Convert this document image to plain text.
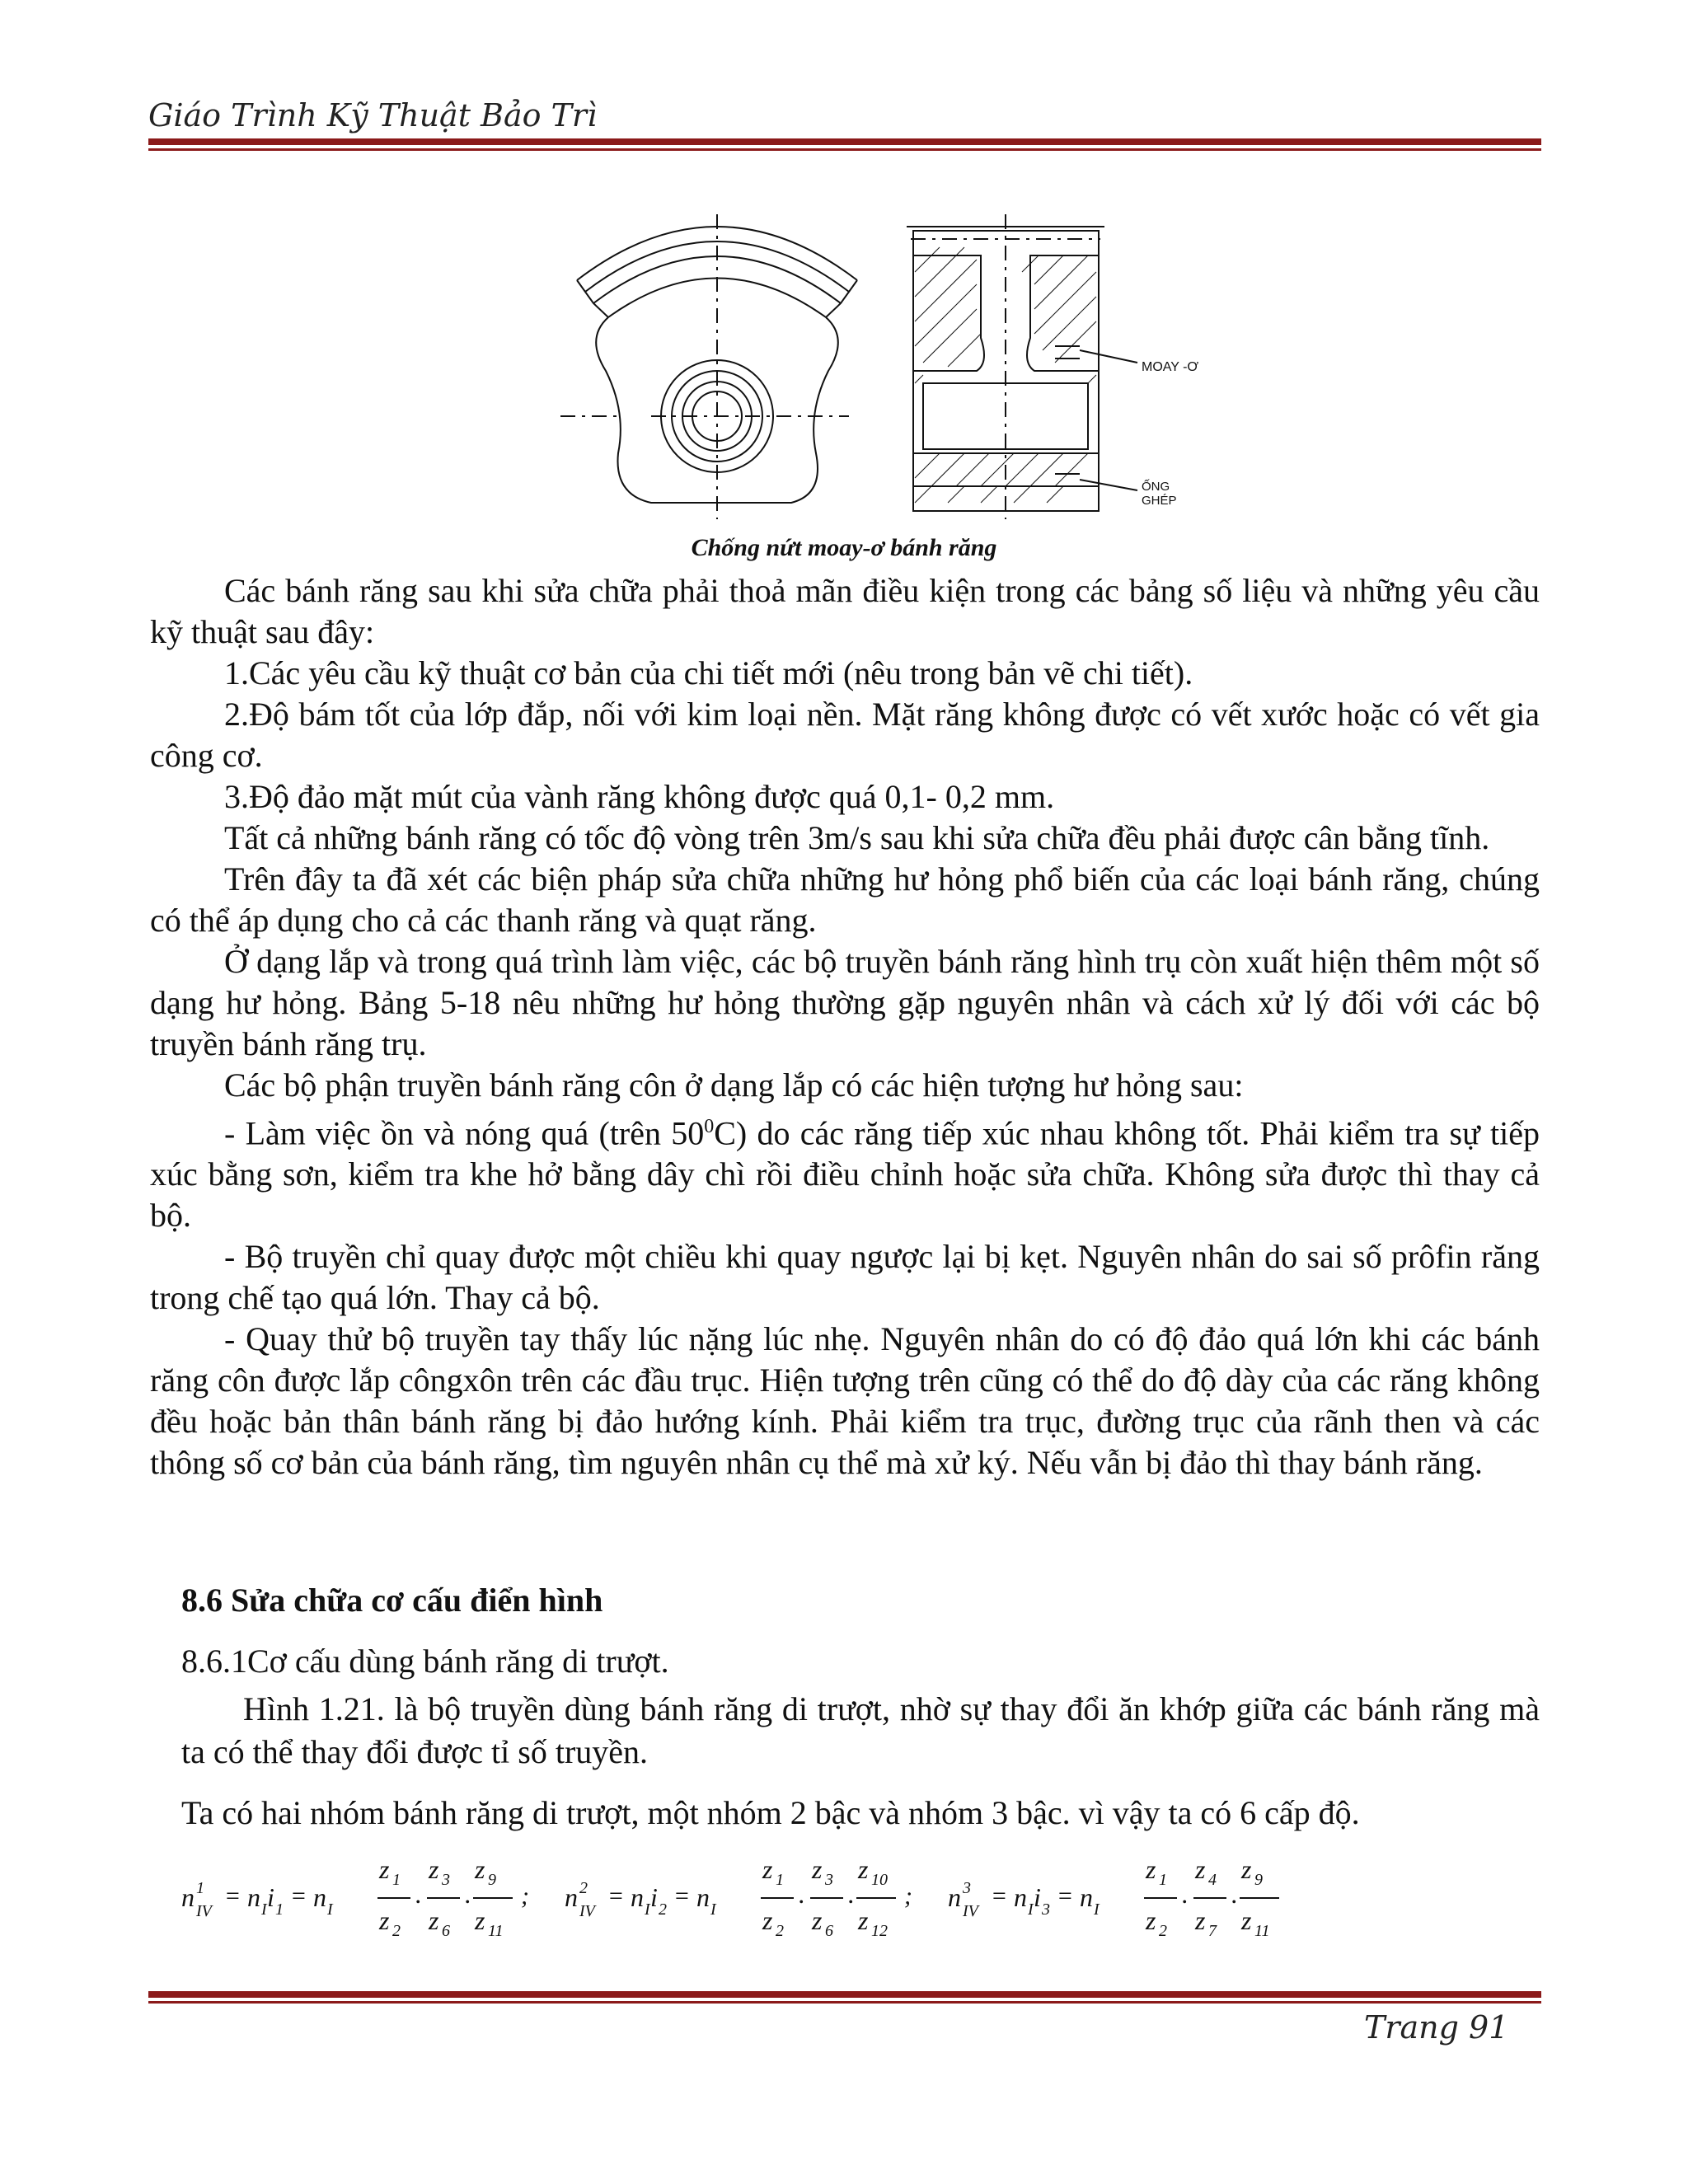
Giáo Trình Kỹ Thuật Bảo Trì
MOAY -Ơ
ỐNG
GHÉP
Chống nứt moay-ơ bánh răng

Các bánh răng sau khi sửa chữa phải thoả mãn điều kiện trong các bảng số liệu và những yêu cầu kỹ thuật sau đây:

1.Các yêu cầu kỹ thuật cơ bản của chi tiết mới (nêu trong bản vẽ chi tiết).

2.Độ bám tốt của lớp đắp, nối với kim loại nền. Mặt răng không được có vết xước hoặc có vết gia công cơ.

3.Độ đảo mặt mút của vành răng không được quá 0,1- 0,2 mm.

Tất cả những bánh răng có tốc độ vòng trên 3m/s sau khi sửa chữa đều phải được cân bằng tĩnh.

Trên đây ta đã xét các biện pháp sửa chữa những hư hỏng phổ biến của các loại bánh răng, chúng có thể áp dụng cho cả các thanh răng và quạt răng.

Ở dạng lắp và trong quá trình làm việc, các bộ truyền bánh răng hình trụ còn xuất hiện thêm một số dạng hư hỏng. Bảng 5-18 nêu những hư hỏng thường gặp nguyên nhân và cách xử lý đối với các bộ truyền bánh răng trụ.

Các bộ phận truyền bánh răng côn ở dạng lắp có các hiện tượng hư hỏng sau:

- Làm việc ồn và nóng quá (trên $50^0C$) do các răng tiếp xúc nhau không tốt. Phải kiểm tra sự tiếp xúc bằng sơn, kiểm tra khe hở bằng dây chì rồi điều chỉnh hoặc sửa chữa. Không sửa được thì thay cả bộ.

- Bộ truyền chỉ quay được một chiều khi quay ngược lại bị kẹt. Nguyên nhân do sai số prôfin răng trong chế tạo quá lớn. Thay cả bộ.

- Quay thử bộ truyền tay thấy lúc nặng lúc nhẹ. Nguyên nhân do có độ đảo quá lớn khi các bánh răng côn được lắp côngxôn trên các đầu trục. Hiện tượng trên cũng có thể do độ dày của các răng không đều hoặc bản thân bánh răng bị đảo hướng kính. Phải kiểm tra trục, đường trục của rãnh then và các thông số cơ bản của bánh răng, tìm nguyên nhân cụ thể mà xử ký. Nếu vẫn bị đảo thì thay bánh răng.

8.6 Sửa chữa cơ cấu điển hình
8.6.1Cơ cấu dùng bánh răng di trượt.
Hình 1.21. là bộ truyền dùng bánh răng di trượt, nhờ sự thay đổi ăn khớp giữa các bánh răng mà ta có thể thay đổi được tỉ số truyền.
Ta có hai nhóm bánh răng di trượt, một nhóm 2 bậc và nhóm 3 bậc. vì vậy ta có 6 cấp độ.
n 1
IV
= n I i 1 = n I
z 1
z 2
.
z 3
z 6
.
z 9
z 11
; n 2
IV
= n I i 2 = n I
z 1
z 2
.
z 3
z 6
.
z 10
z 12
; n 3
IV
= n I i 3 = n I
z 1
z 2
.
z 4
z 7
.
z 9
z 11
Trang 91
